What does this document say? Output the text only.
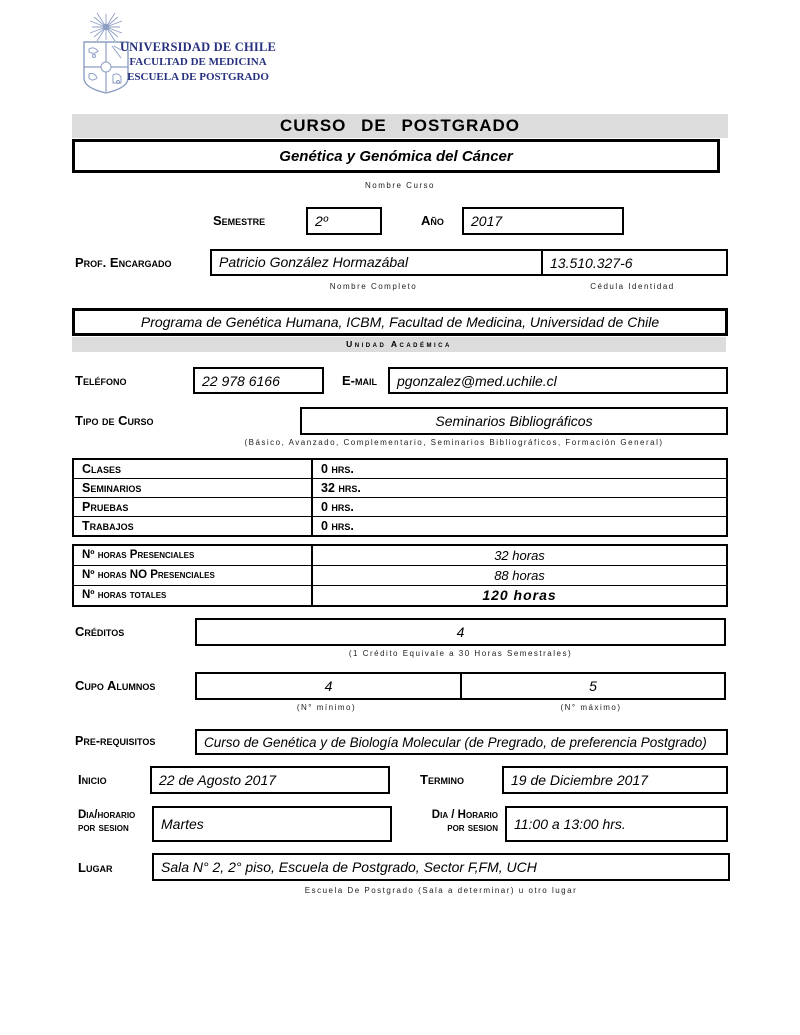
UNIVERSIDAD DE CHILE
FACULTAD DE MEDICINA
ESCUELA DE POSTGRADO
CURSO DE POSTGRADO
Genética y Genómica del Cáncer
Nombre Curso
Semestre	2º	Año	2017
Prof. Encargado	Patricio González Hormazábal	13.510.327-6
Nombre Completo	Cédula Identidad
Programa de Genética Humana, ICBM, Facultad de Medicina, Universidad de Chile
Unidad Académica
Teléfono	22 978 6166	E-mail	pgonzalez@med.uchile.cl
Tipo de Curso	Seminarios Bibliográficos
(Básico, Avanzado, Complementario, Seminarios Bibliográficos, Formación General)
Clases	0 hrs.
Seminarios	32 hrs.
Pruebas	0 hrs.
Trabajos	0 hrs.
Nº horas Presenciales	32 horas
Nº horas NO Presenciales	88 horas
Nº horas totales	120 horas
Créditos	4
(1 Crédito Equivale a 30 Horas Semestrales)
Cupo Alumnos	4	5
(N° mínimo)	(N° máximo)
Pre-requisitos	Curso de Genética y de Biología Molecular (de Pregrado, de preferencia Postgrado)
Inicio	22 de Agosto 2017	Termino	19 de Diciembre 2017
Dia/horario
por sesion	Martes
Dia / Horario
por sesion	11:00 a 13:00 hrs.
Lugar	Sala N° 2, 2° piso, Escuela de Postgrado, Sector F,FM, UCH
Escuela De Postgrado (Sala a determinar) u otro lugar
